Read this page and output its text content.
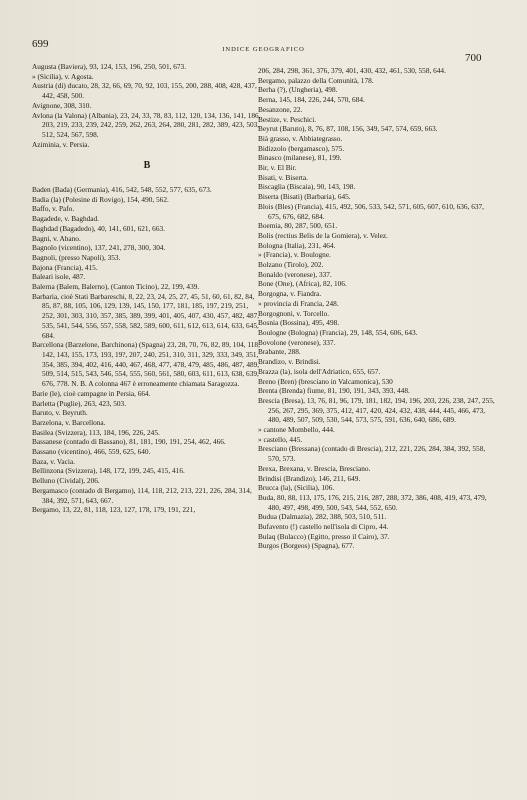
699	INDICE GEOGRAFICO
700

Augusta (Baviera), 93, 124, 153, 196, 250, 501, 673.

» (Sicilia), v. Agosta.

Austria (di) ducato, 28, 32, 66, 69, 70, 92, 103, 155, 200, 288, 408, 428, 437, 442, 458, 500.

Avignone, 308, 310.

Avlona (la Valona) (Albania), 23, 24, 33, 78, 83, 112, 120, 134, 136, 141, 186, 203, 219, 233, 239, 242, 259, 262, 263, 264, 280, 281, 282, 389, 423, 503, 512, 524, 567, 598.

Aziminia, v. Persia.

B

Baden (Bada) (Germania), 416, 542, 548, 552, 577, 635, 673.

Badia (la) (Polesine di Rovigo), 154, 490, 562.

Baffo, v. Pafo.

Bagadede, v. Baghdad.

Baghdad (Bagadedo), 40, 141, 601, 621, 663.

Bagni, v. Abano.

Bagnolo (vicentino), 137, 241, 278, 300, 304.

Bagnoli, (presso Napoli), 353.

Bajona (Francia), 415.

Baleari isole, 487.

Balerna (Balem, Balerno), (Canton Ticino), 22, 199, 439.

Barbaria, cioè Stati Barbareschi, 8, 22, 23, 24, 25, 27, 45, 51, 60, 61, 82, 84, 85, 87, 88, 105, 106, 129, 139, 145, 150, 177, 181, 185, 197, 219, 251, 252, 301, 303, 310, 357, 385, 389, 399, 401, 405, 407, 430, 457, 482, 487, 535, 541, 544, 556, 557, 558, 582, 589, 600, 611, 612, 613, 614, 633, 645, 684.

Barcellona (Barzelone, Barchinona) (Spagna) 23, 28, 70, 76, 82, 89, 104, 118, 142, 143, 155, 173, 193, 19?, 207, 240, 251, 310, 311, 329, 333, 349, 351, 354, 385, 394, 402, 416, 440, 467, 468, 477, 478, 479, 485, 486, 487, 489, 509, 514, 515, 543, 546, 554, 555, 560, 561, 580, 603, 611, 613, 638, 639, 676, 778. N. B. A colonna 467 è erroneamente chiamata Saragozza.

Barie (le), cioè campagne in Persia, 664.

Barletta (Puglie), 263, 423, 503.

Baruto, v. Beyruth.

Barzelona, v. Barcellona.

Basilea (Svizzera), 113, 184, 196, 226, 245.

Bassanese (contado di Bassano), 81, 181, 190, 191, 254, 462, 466.

Bassano (vicentino), 466, 559, 625, 640.

Baza, v. Vacia.

Bellinzona (Svizzera), 148, 172, 199, 245, 415, 416.

Belluno (Cividal), 206.

Bergamasco (contado di Bergamo), 114, 118, 212, 213, 221, 226, 284, 314, 384, 392, 571, 643, 667.

Bergamo, 13, 22, 81, 118, 123, 127, 178, 179, 191, 221,

206, 284, 298, 361, 376, 379, 401, 430, 432, 461, 530, 558, 644.

Bergamo, palazzo della Comunità, 178.

Berha (?), (Ungheria), 498.

Berna, 145, 184, 226, 244, 570, 684.

Besanzone, 22.

Bestize, v. Peschici.

Beyrut (Baruto), 8, 76, 87, 108, 156, 349, 547, 574, 659, 663.

Bià grasso, v. Abbiategrasso.

Bidizzolo (bergamasco), 575.

Binasco (milanese), 81, 199.

Bir, v. El Bir.

Bisati, v. Biserta.

Biscaglia (Biscaia), 90, 143, 198.

Biserta (Bisati) (Barbaria), 645.

Blois (Bles) (Francia), 415, 492, 506, 533, 542, 571, 605, 607, 610, 636, 637, 675, 676, 682, 684.

Boemia, 80, 287, 500, 651.

Bolis (rectius Belis de la Gomiera), v. Velez.

Bologna (Italia), 231, 464.

» (Francia), v. Boulogne.

Bolzano (Tirolo), 202.

Bonaldo (veronese), 337.

Bone (One), (Africa), 82, 106.

Borgogna, v. Fiandra.

» provincia di Francia, 248.

Borgognoni, v. Torcello.

Bosnia (Bossina), 495, 498.

Boulogne (Bologna) (Francia), 29, 148, 554, 606, 643.

Bovolone (veronese), 337.

Brabante, 288.

Brandizo, v. Brindisi.

Brazza (la), isola dell'Adriatico, 655, 657.

Breno (Bren) (bresciano in Valcamonica), 530

Brenta (Brenda) fiume, 81, 190, 191, 343, 393, 448.

Brescia (Bresa), 13, 76, 81, 96, 179, 181, 182, 194, 196, 203, 226, 238, 247, 255, 256, 267, 295, 369, 375, 412, 417, 420, 424, 432, 438, 444, 445, 466, 473, 480, 489, 507, 509, 530, 544, 573, 575, 591, 636, 640, 686, 689.

» cantone Mombello, 444.

» castello, 445.

Bresciano (Bressana) (contado di Brescia), 212, 221, 226, 284, 384, 392, 558, 570, 573.

Brexa, Brexana, v. Brescia, Bresciano.

Brindisi (Brandizo), 146, 211, 649.

Brucca (la), (Sicilia), 106.

Buda, 80, 88, 113, 175, 176, 215, 216, 287, 288, 372, 386, 408, 419, 473, 479, 480, 497, 498, 499, 500, 543, 544, 552, 650.

Budua (Dalmazia), 282, 388, 503, 510, 511.

Bufavento (!) castello nell'isola di Cipro, 44.

Bulaq (Bulacco) (Egitto, presso il Cairo), 37.

Burgos (Borgeos) (Spagna), 677.
